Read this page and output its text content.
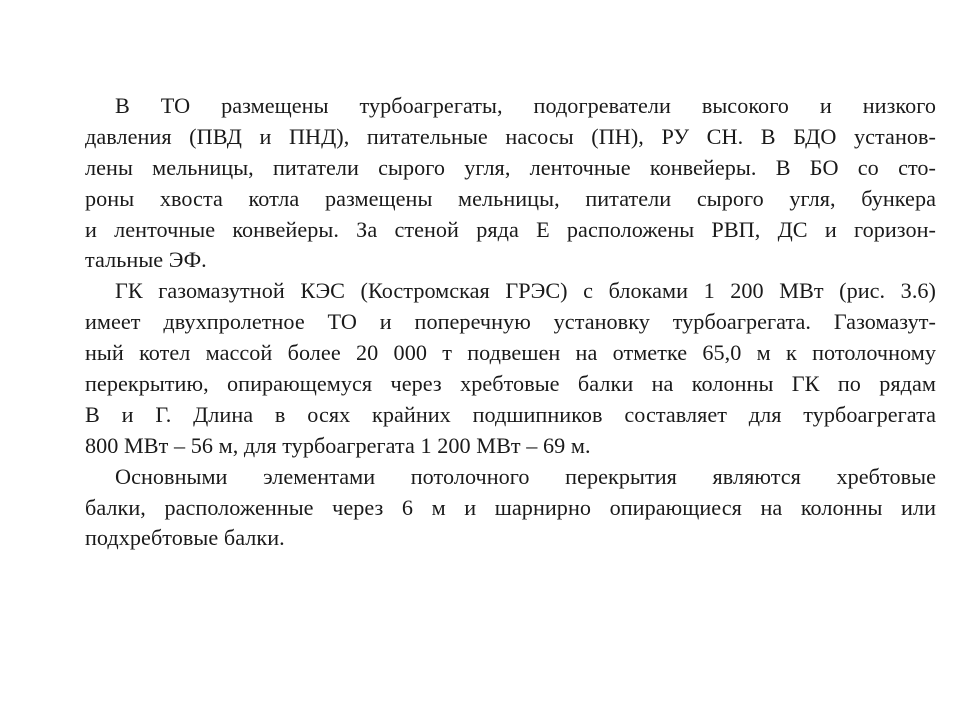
В ТО размещены турбоагрегаты, подогреватели высокого и низкого
давления (ПВД и ПНД), питательные насосы (ПН), РУ СН. В БДО установ-
лены мельницы, питатели сырого угля, ленточные конвейеры. В БО со сто-
роны хвоста котла размещены мельницы, питатели сырого угля, бункера
и ленточные конвейеры. За стеной ряда Е расположены РВП, ДС и горизон-
тальные ЭФ.
ГК газомазутной КЭС (Костромская ГРЭС) с блоками 1 200 МВт (рис. 3.6)
имеет двухпролетное ТО и поперечную установку турбоагрегата. Газомазут-
ный котел массой более 20 000 т подвешен на отметке 65,0 м к потолочному
перекрытию, опирающемуся через хребтовые балки на колонны ГК по рядам
В и Г. Длина в осях крайних подшипников составляет для турбоагрегата
800 МВт – 56 м, для турбоагрегата 1 200 МВт – 69 м.
Основными элементами потолочного перекрытия являются хребтовые
балки, расположенные через 6 м и шарнирно опирающиеся на колонны или
подхребтовые балки.
